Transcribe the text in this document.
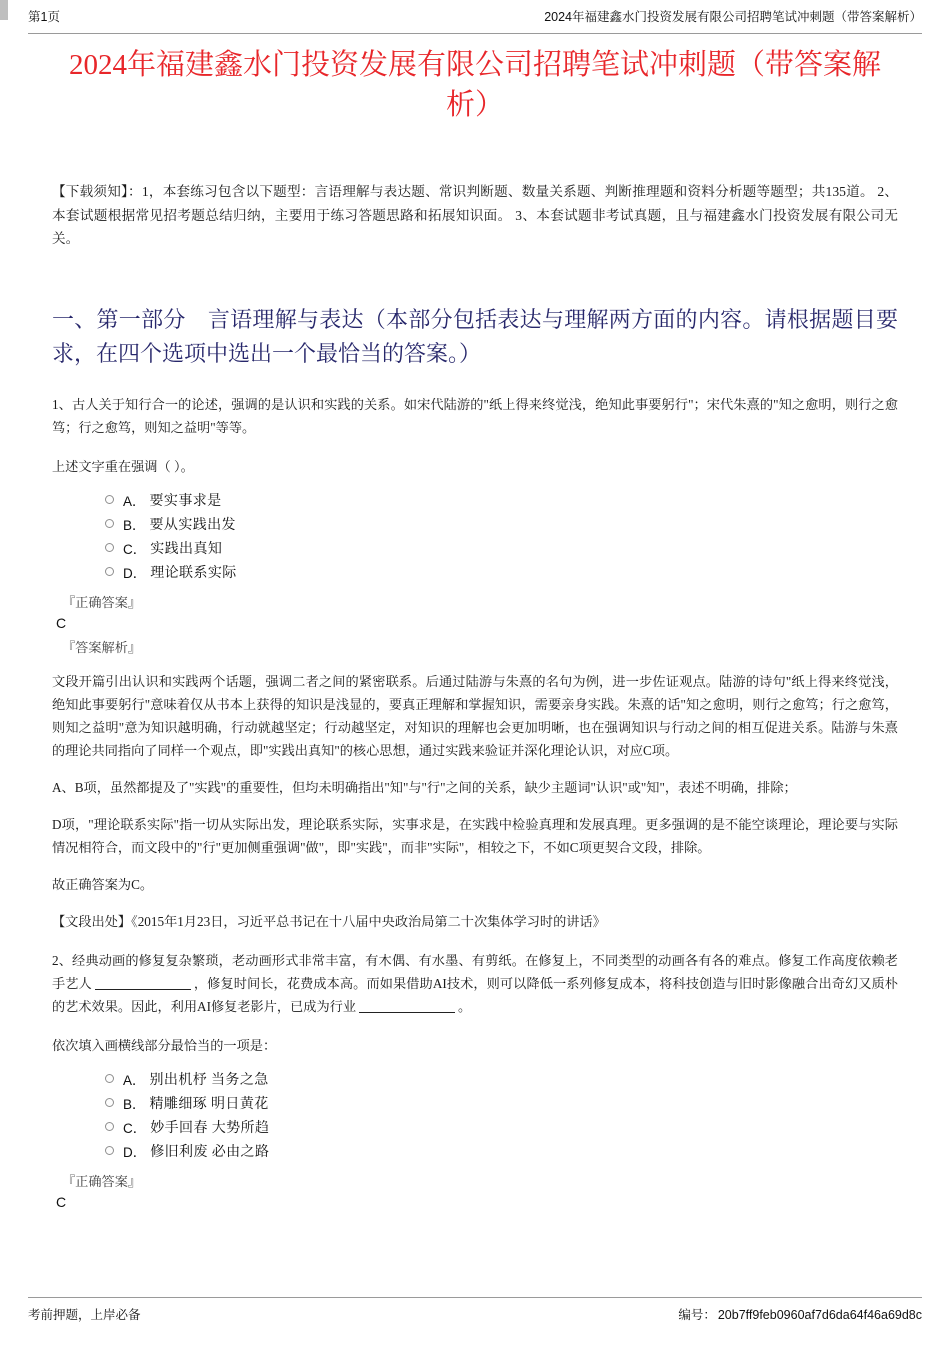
第1页	2024年福建鑫水门投资发展有限公司招聘笔试冲刺题（带答案解析）
2024年福建鑫水门投资发展有限公司招聘笔试冲刺题（带答案解析）

【下载须知】：1，本套练习包含以下题型：言语理解与表达题、常识判断题、数量关系题、判断推理题和资料分析题等题型；共135道。 2、本套试题根据常见招考题总结归纳，主要用于练习答题思路和拓展知识面。 3、本套试题非考试真题，且与福建鑫水门投资发展有限公司无关。

一、第一部分　言语理解与表达（本部分包括表达与理解两方面的内容。请根据题目要求，在四个选项中选出一个最恰当的答案。）

1、古人关于知行合一的论述，强调的是认识和实践的关系。如宋代陆游的"纸上得来终觉浅，绝知此事要躬行"；宋代朱熹的"知之愈明，则行之愈笃；行之愈笃，则知之益明"等等。

上述文字重在强调（ ）。

A． 要实事求是
B． 要从实践出发
C． 实践出真知
D． 理论联系实际
『正确答案』
C
『答案解析』

文段开篇引出认识和实践两个话题，强调二者之间的紧密联系。后通过陆游与朱熹的名句为例，进一步佐证观点。陆游的诗句"纸上得来终觉浅，绝知此事要躬行"意味着仅从书本上获得的知识是浅显的，要真正理解和掌握知识，需要亲身实践。朱熹的话"知之愈明，则行之愈笃；行之愈笃，则知之益明"意为知识越明确，行动就越坚定；行动越坚定，对知识的理解也会更加明晰，也在强调知识与行动之间的相互促进关系。陆游与朱熹的理论共同指向了同样一个观点，即"实践出真知"的核心思想，通过实践来验证并深化理论认识，对应C项。

A、B项，虽然都提及了"实践"的重要性，但均未明确指出"知"与"行"之间的关系，缺少主题词"认识"或"知"，表述不明确，排除；

D项，"理论联系实际"指一切从实际出发，理论联系实际，实事求是，在实践中检验真理和发展真理。更多强调的是不能空谈理论，理论要与实际情况相符合，而文段中的"行"更加侧重强调"做"，即"实践"，而非"实际"，相较之下，不如C项更契合文段，排除。

故正确答案为C。

【文段出处】《2015年1月23日，习近平总书记在十八届中央政治局第二十次集体学习时的讲话》

2、经典动画的修复复杂繁琐，老动画形式非常丰富，有木偶、有水墨、有剪纸。在修复上，不同类型的动画各有各的难点。修复工作高度依赖老手艺人	，修复时间长，花费成本高。而如果借助AI技术，则可以降低一系列修复成本，将科技创造与旧时影像融合出奇幻又质朴的艺术效果。因此，利用AI修复老影片，已成为行业	。

依次填入画横线部分最恰当的一项是：

A． 别出机杼 当务之急
B． 精雕细琢 明日黄花
C． 妙手回春 大势所趋
D． 修旧利废 必由之路
『正确答案』
C
考前押题，上岸必备	编号： 20b7ff9feb0960af7d6da64f46a69d8c
